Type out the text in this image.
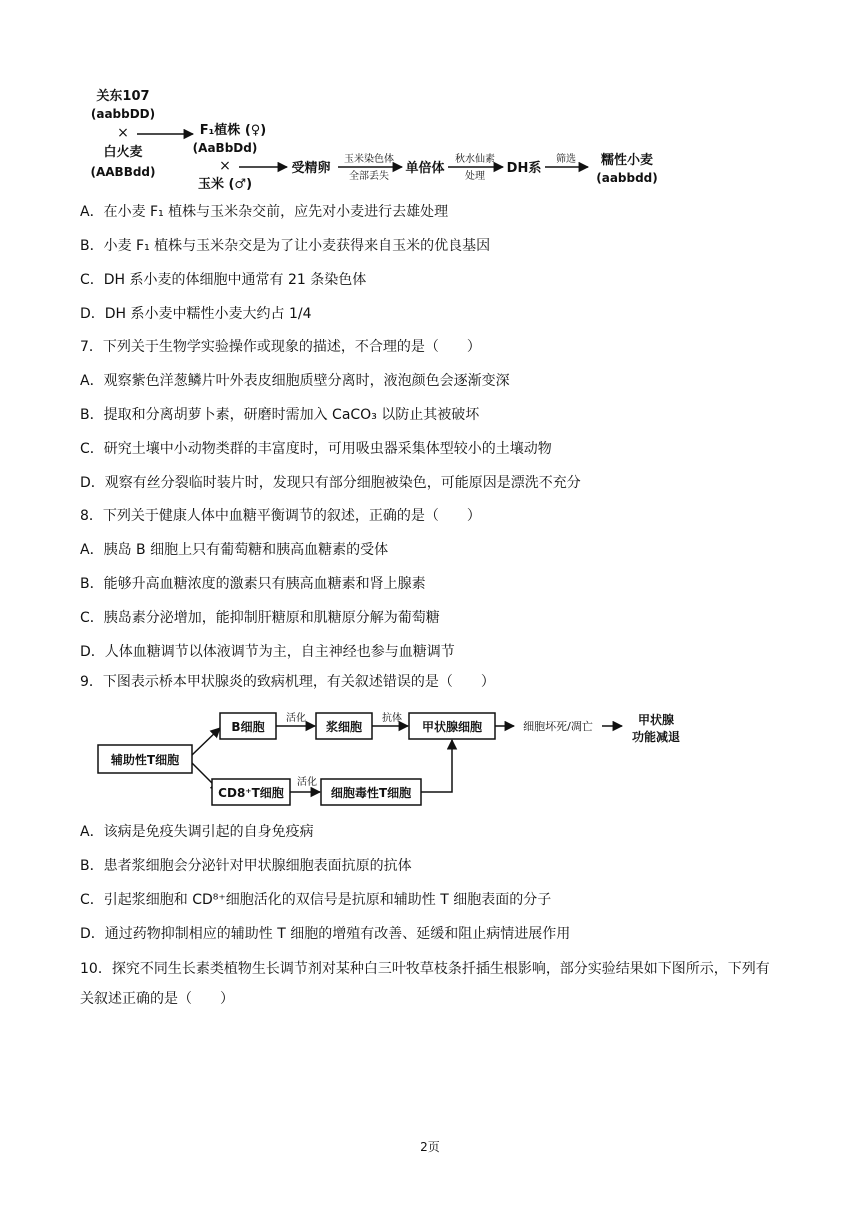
关东107
(aabbDD)
×
白火麦
(AABBdd)
F₁植株 (♀)
(AaBbDd)
×
玉米 (♂)
受精卵
玉米染色体
全部丢失
单倍体
秋水仙素
处理
DH系
筛选 糯性小麦
(aabbdd)
A．在小麦 F₁ 植株与玉米杂交前，应先对小麦进行去雄处理
B．小麦 F₁ 植株与玉米杂交是为了让小麦获得来自玉米的优良基因
C．DH 系小麦的体细胞中通常有 21 条染色体
D．DH 系小麦中糯性小麦大约占 1/4
7．下列关于生物学实验操作或现象的描述，不合理的是（　　）
A．观察紫色洋葱鳞片叶外表皮细胞质壁分离时，液泡颜色会逐渐变深
B．提取和分离胡萝卜素，研磨时需加入 CaCO₃ 以防止其被破坏
C．研究土壤中小动物类群的丰富度时，可用吸虫器采集体型较小的土壤动物
D．观察有丝分裂临时装片时，发现只有部分细胞被染色，可能原因是漂洗不充分
8．下列关于健康人体中血糖平衡调节的叙述，正确的是（　　）
A．胰岛 B 细胞上只有葡萄糖和胰高血糖素的受体
B．能够升高血糖浓度的激素只有胰高血糖素和肾上腺素
C．胰岛素分泌增加，能抑制肝糖原和肌糖原分解为葡萄糖
D．人体血糖调节以体液调节为主，自主神经也参与血糖调节
9．下图表示桥本甲状腺炎的致病机理，有关叙述错误的是（　　）
辅助性T细胞
B细胞
活化
浆细胞
抗体
甲状腺细胞	细胞坏死/凋亡	甲状腺
功能减退
CD8⁺T细胞
活化
细胞毒性T细胞
A．该病是免疫失调引起的自身免疫病
B．患者浆细胞会分泌针对甲状腺细胞表面抗原的抗体
C．引起浆细胞和 CD⁸⁺细胞活化的双信号是抗原和辅助性 T 细胞表面的分子
D．通过药物抑制相应的辅助性 T 细胞的增殖有改善、延缓和阻止病情进展作用
10．探究不同生长素类植物生长调节剂对某种白三叶牧草枝条扦插生根影响，部分实验结果如下图所示，下列有关叙述正确的是（　　）
2页
